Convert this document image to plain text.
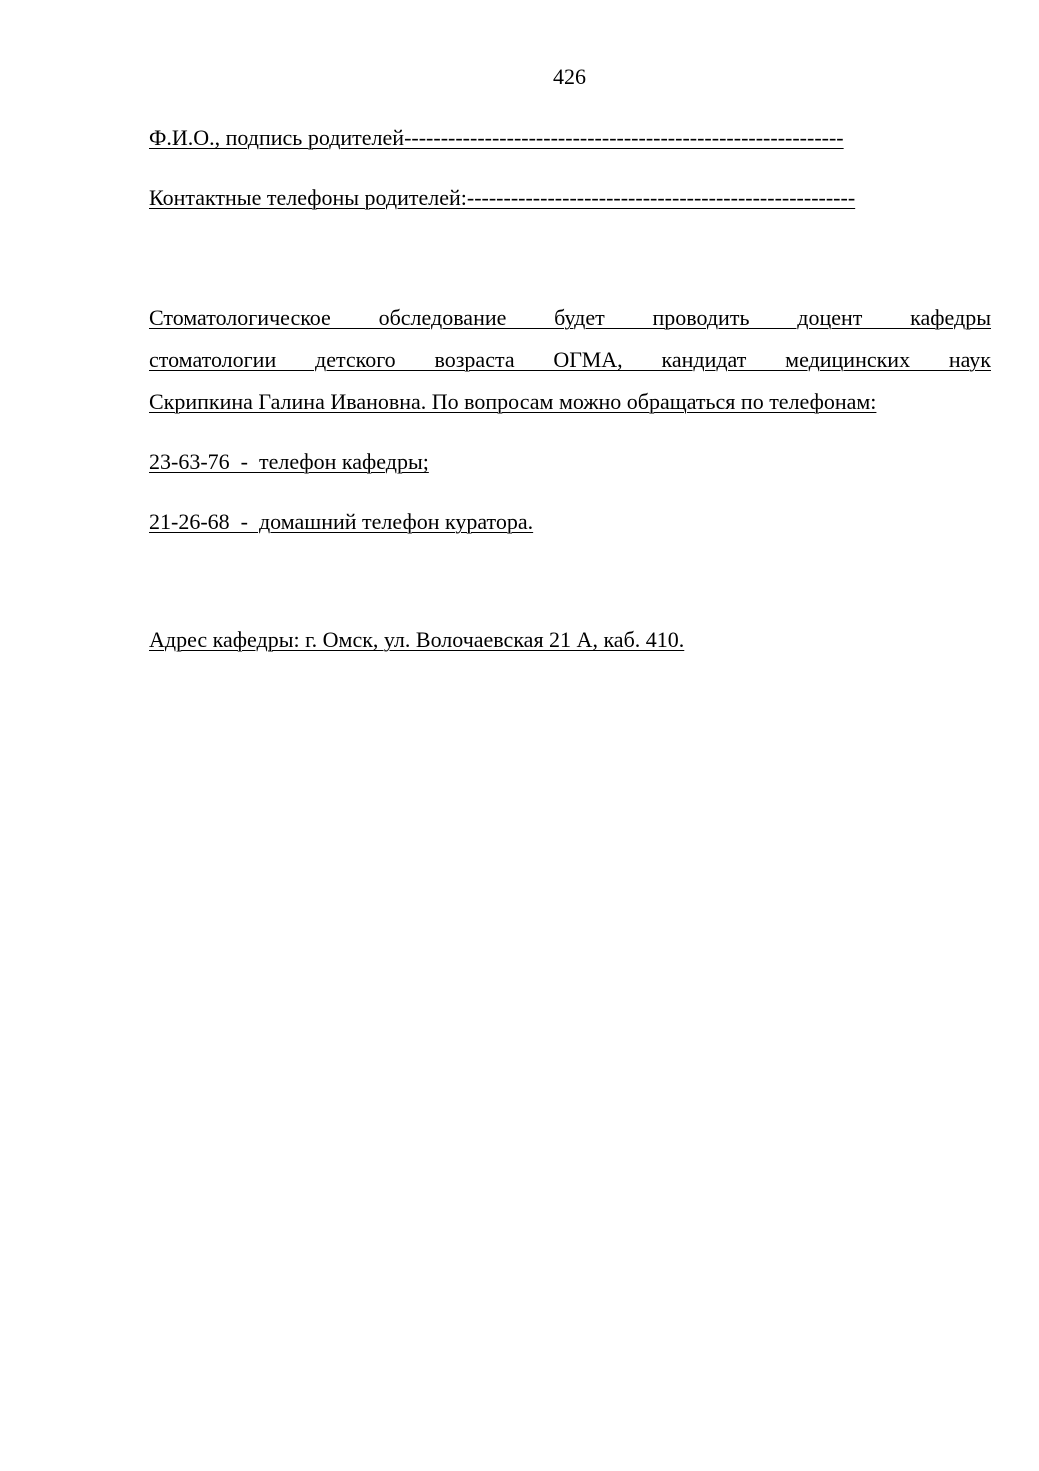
426
Ф.И.О., подпись родителей------------------------------------------------------------
Контактные телефоны родителей:-----------------------------------------------------
Стоматологическое обследование будет проводить доцент кафедры
стоматологии детского возраста ОГМА, кандидат медицинских наук
Скрипкина Галина Ивановна. По вопросам можно обращаться по телефонам:
23-63-76  -  телефон кафедры;
21-26-68  -  домашний телефон куратора.
Адрес кафедры: г. Омск, ул. Волочаевская 21 А, каб. 410.
